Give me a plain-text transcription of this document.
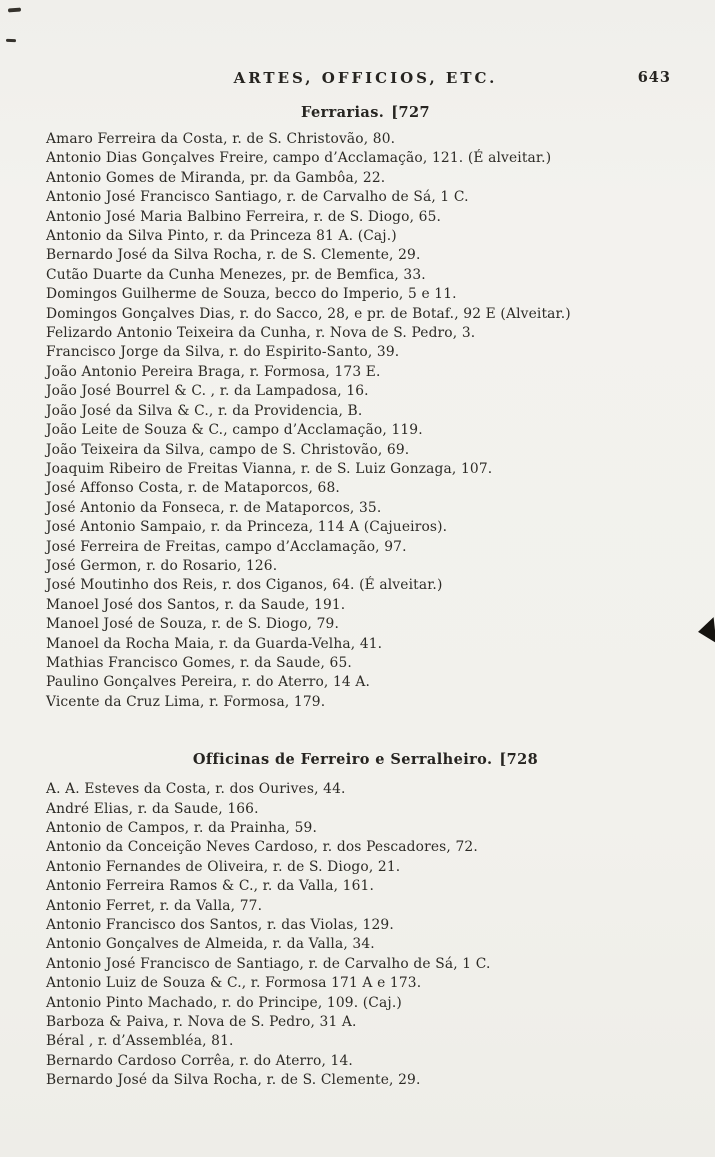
ARTES, OFFICIOS, ETC.	643
Ferrarias. [727
Amaro Ferreira da Costa, r. de S. Christovão, 80.
Antonio Dias Gonçalves Freire, campo d’Acclamação, 121. (É alveitar.)
Antonio Gomes de Miranda, pr. da Gambôa, 22.
Antonio José Francisco Santiago, r. de Carvalho de Sá, 1 C.
Antonio José Maria Balbino Ferreira, r. de S. Diogo, 65.
Antonio da Silva Pinto, r. da Princeza 81 A. (Caj.)
Bernardo José da Silva Rocha, r. de S. Clemente, 29.
Cutão Duarte da Cunha Menezes, pr. de Bemfica, 33.
Domingos Guilherme de Souza, becco do Imperio, 5 e 11.
Domingos Gonçalves Dias, r. do Sacco, 28, e pr. de Botaf., 92 E (Alveitar.)
Felizardo Antonio Teixeira da Cunha, r. Nova de S. Pedro, 3.
Francisco Jorge da Silva, r. do Espirito-Santo, 39.
João Antonio Pereira Braga, r. Formosa, 173 E.
João José Bourrel & C. , r. da Lampadosa, 16.
João José da Silva & C., r. da Providencia, B.
João Leite de Souza & C., campo d’Acclamação, 119.
João Teixeira da Silva, campo de S. Christovão, 69.
Joaquim Ribeiro de Freitas Vianna, r. de S. Luiz Gonzaga, 107.
José Affonso Costa, r. de Mataporcos, 68.
José Antonio da Fonseca, r. de Mataporcos, 35.
José Antonio Sampaio, r. da Princeza, 114 A (Cajueiros).
José Ferreira de Freitas, campo d’Acclamação, 97.
José Germon, r. do Rosario, 126.
José Moutinho dos Reis, r. dos Ciganos, 64. (É alveitar.)
Manoel José dos Santos, r. da Saude, 191.
Manoel José de Souza, r. de S. Diogo, 79.
Manoel da Rocha Maia, r. da Guarda-Velha, 41.
Mathias Francisco Gomes, r. da Saude, 65.
Paulino Gonçalves Pereira, r. do Aterro, 14 A.
Vicente da Cruz Lima, r. Formosa, 179.
Officinas de Ferreiro e Serralheiro. [728
A. A. Esteves da Costa, r. dos Ourives, 44.
André Elias, r. da Saude, 166.
Antonio de Campos, r. da Prainha, 59.
Antonio da Conceição Neves Cardoso, r. dos Pescadores, 72.
Antonio Fernandes de Oliveira, r. de S. Diogo, 21.
Antonio Ferreira Ramos & C., r. da Valla, 161.
Antonio Ferret, r. da Valla, 77.
Antonio Francisco dos Santos, r. das Violas, 129.
Antonio Gonçalves de Almeida, r. da Valla, 34.
Antonio José Francisco de Santiago, r. de Carvalho de Sá, 1 C.
Antonio Luiz de Souza & C., r. Formosa 171 A e 173.
Antonio Pinto Machado, r. do Principe, 109. (Caj.)
Barboza & Paiva, r. Nova de S. Pedro, 31 A.
Béral , r. d’Assembléa, 81.
Bernardo Cardoso Corrêa, r. do Aterro, 14.
Bernardo José da Silva Rocha, r. de S. Clemente, 29.
